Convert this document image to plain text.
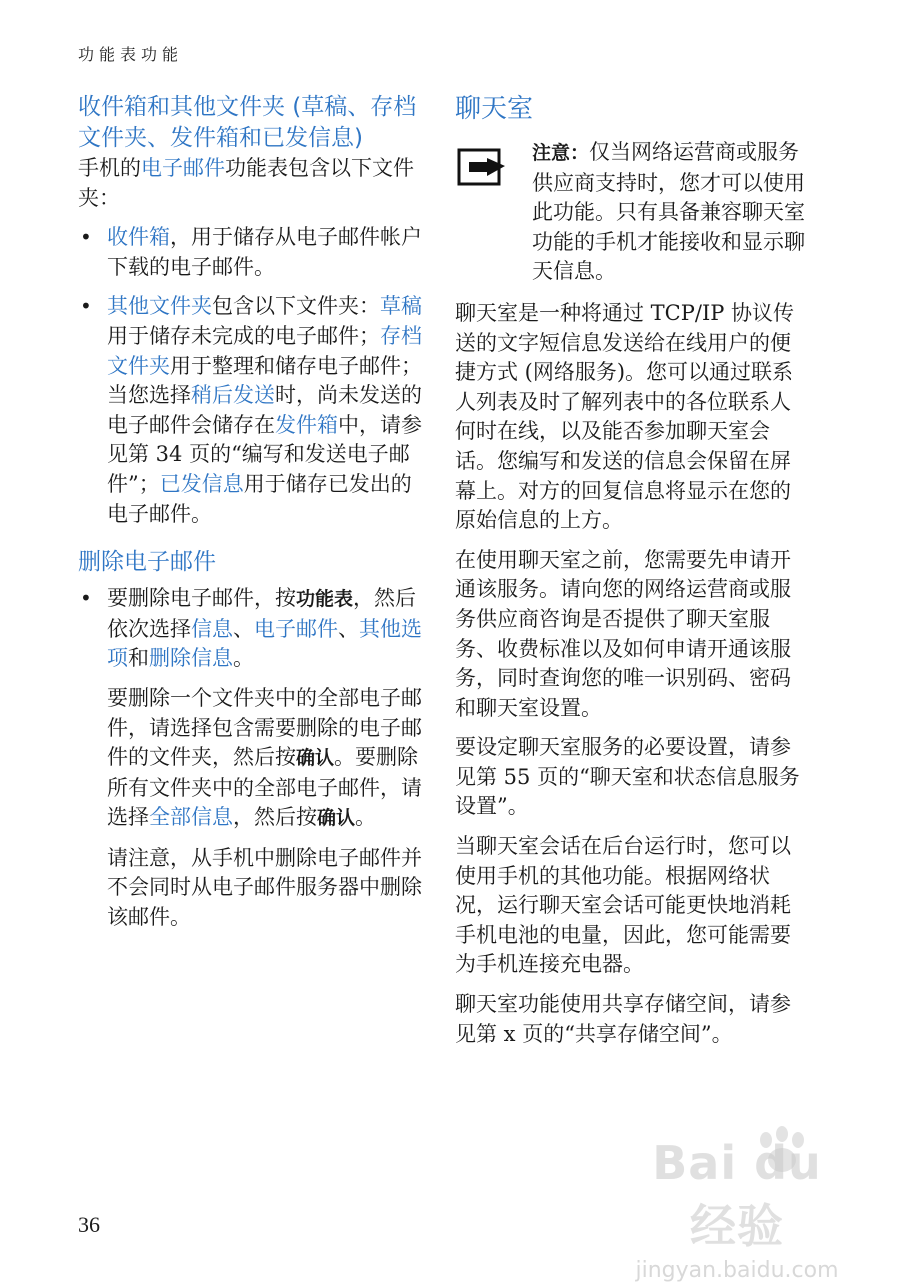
功能表功能
收件箱和其他文件夹 (草稿、存档文件夹、发件箱和已发信息)

手机的电子邮件功能表包含以下文件夹：

• 收件箱，用于储存从电子邮件帐户下载的电子邮件。
• 其他文件夹包含以下文件夹：草稿用于储存未完成的电子邮件；存档文件夹用于整理和储存电子邮件；当您选择稍后发送时，尚未发送的电子邮件会储存在发件箱中，请参见第 34 页的“编写和发送电子邮件”；已发信息用于储存已发出的电子邮件。
删除电子邮件
• 要删除电子邮件，按功能表，然后依次选择信息、电子邮件、其他选项和删除信息。

要删除一个文件夹中的全部电子邮件，请选择包含需要删除的电子邮件的文件夹，然后按确认。要删除所有文件夹中的全部电子邮件，请选择全部信息，然后按确认。

请注意，从手机中删除电子邮件并不会同时从电子邮件服务器中删除该邮件。

聊天室

注意：仅当网络运营商或服务供应商支持时，您才可以使用此功能。只有具备兼容聊天室功能的手机才能接收和显示聊天信息。

聊天室是一种将通过 TCP/IP 协议传送的文字短信息发送给在线用户的便捷方式 (网络服务)。您可以通过联系人列表及时了解列表中的各位联系人何时在线，以及能否参加聊天室会话。您编写和发送的信息会保留在屏幕上。对方的回复信息将显示在您的原始信息的上方。

在使用聊天室之前，您需要先申请开通该服务。请向您的网络运营商或服务供应商咨询是否提供了聊天室服务、收费标准以及如何申请开通该服务，同时查询您的唯一识别码、密码和聊天室设置。

要设定聊天室服务的必要设置，请参见第 55 页的“聊天室和状态信息服务设置”。

当聊天室会话在后台运行时，您可以使用手机的其他功能。根据网络状况，运行聊天室会话可能更快地消耗手机电池的电量，因此，您可能需要为手机连接充电器。

聊天室功能使用共享存储空间，请参见第 x 页的“共享存储空间”。

36
Bai du 经验
jingyan.baidu.com
